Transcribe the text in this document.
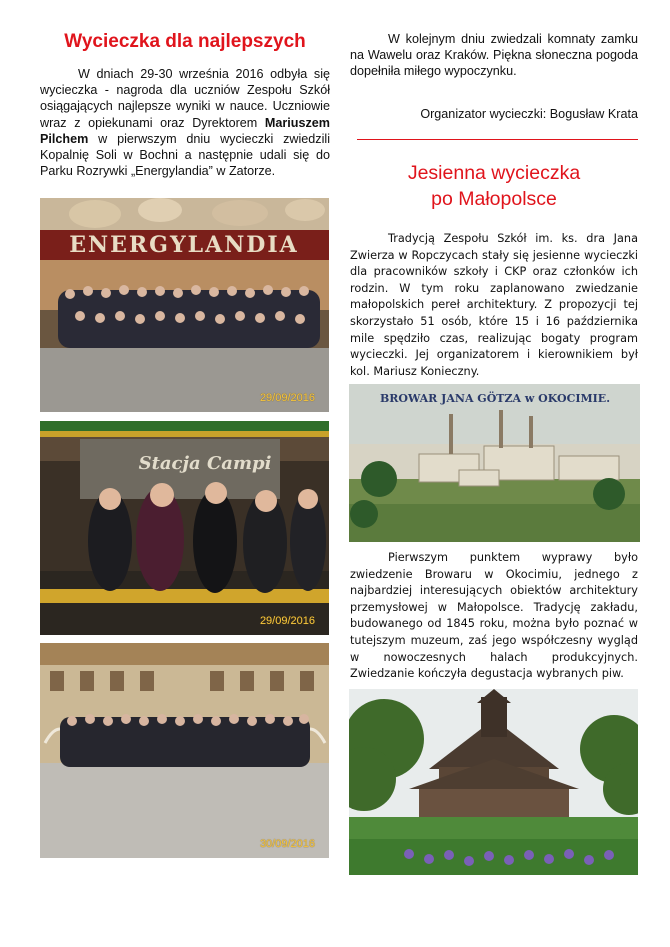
Wycieczka dla najlepszych

W dniach 29-30 września 2016 odbyła się wycieczka - nagroda dla uczniów Zespołu Szkół osiągających najlepsze wyniki w nauce. Uczniowie wraz z opiekunami oraz Dyrektorem Mariuszem Pilchem w pierwszym dniu wycieczki zwiedzili Kopalnię Soli w Bochni a następnie udali się do Parku Rozrywki „Energylandia” w Zatorze.

ENERGYLANDIA
29/09/2016
Stacja Campi
29/09/2016
30/09/2016

W kolejnym dniu zwiedzali komnaty zamku na Wawelu oraz Kraków. Piękna słoneczna pogoda dopełniła miłego wypoczynku.

Organizator wycieczki: Bogusław Krata

Jesienna wycieczka
po Małopolsce

Tradycją Zespołu Szkół im. ks. dra Jana Zwierza w Ropczycach stały się jesienne wycieczki dla pracowników szkoły i CKP oraz członków ich rodzin. W tym roku zaplanowano zwiedzanie małopolskich pereł architektury. Z propozycji tej skorzystało 51 osób, które 15 i 16 października mile spędziło czas, realizując bogaty program wycieczki. Jej organizatorem i kierownikiem był kol. Mariusz Konieczny.

BROWAR JANA GÖTZA w OKOCIMIE.

Pierwszym punktem wyprawy było zwiedzenie Browaru w Okocimiu, jednego z najbardziej interesujących obiektów architektury przemysłowej w Małopolsce. Tradycję zakładu, budowanego od 1845 roku, można było poznać w tutejszym muzeum, zaś jego współczesny wygląd w nowoczesnych halach produkcyjnych. Zwiedzanie kończyła degustacja wybranych piw.
